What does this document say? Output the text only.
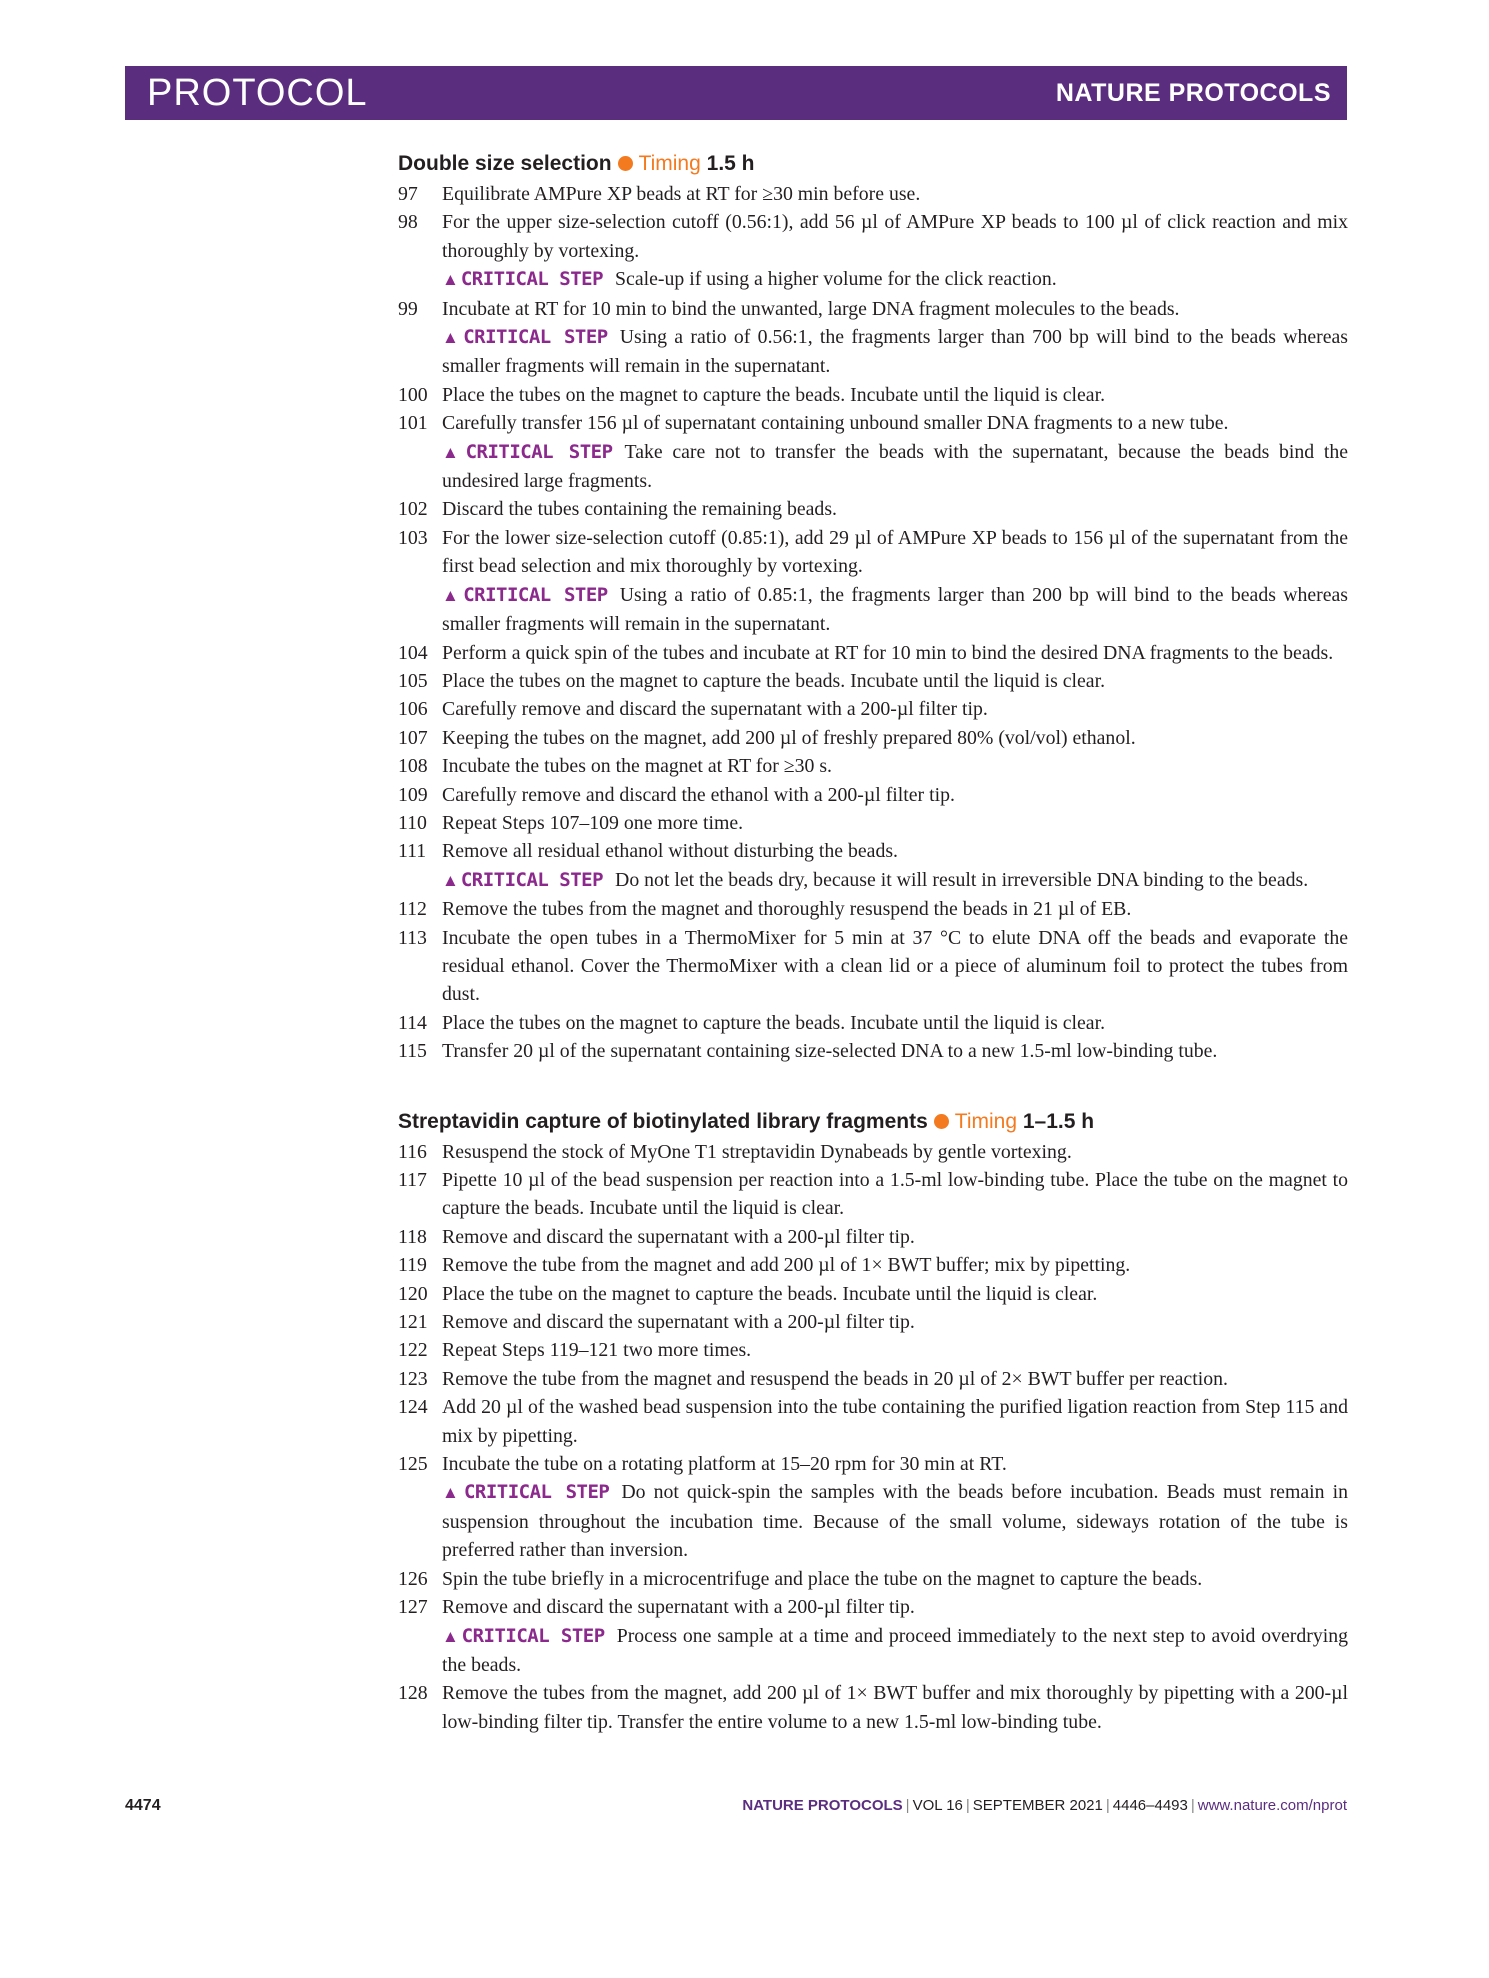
PROTOCOL	NATURE PROTOCOLS
Double size selection Timing 1.5 h
97	Equilibrate AMPure XP beads at RT for ≥30 min before use.
98	For the upper size-selection cutoff (0.56:1), add 56 µl of AMPure XP beads to 100 µl of click reaction and mix thoroughly by vortexing.
▲ CRITICAL STEP Scale-up if using a higher volume for the click reaction.
99	Incubate at RT for 10 min to bind the unwanted, large DNA fragment molecules to the beads.
▲ CRITICAL STEP Using a ratio of 0.56:1, the fragments larger than 700 bp will bind to the beads whereas smaller fragments will remain in the supernatant.
100 Place the tubes on the magnet to capture the beads. Incubate until the liquid is clear.
101 Carefully transfer 156 µl of supernatant containing unbound smaller DNA fragments to a new tube.
▲ CRITICAL STEP Take care not to transfer the beads with the supernatant, because the beads bind the undesired large fragments.
102 Discard the tubes containing the remaining beads.
103 For the lower size-selection cutoff (0.85:1), add 29 µl of AMPure XP beads to 156 µl of the supernatant from the first bead selection and mix thoroughly by vortexing.
▲ CRITICAL STEP Using a ratio of 0.85:1, the fragments larger than 200 bp will bind to the beads whereas smaller fragments will remain in the supernatant.
104 Perform a quick spin of the tubes and incubate at RT for 10 min to bind the desired DNA fragments to the beads.
105 Place the tubes on the magnet to capture the beads. Incubate until the liquid is clear.
106 Carefully remove and discard the supernatant with a 200-µl filter tip.
107 Keeping the tubes on the magnet, add 200 µl of freshly prepared 80% (vol/vol) ethanol.
108 Incubate the tubes on the magnet at RT for ≥30 s.
109 Carefully remove and discard the ethanol with a 200-µl filter tip.
110 Repeat Steps 107–109 one more time.
111 Remove all residual ethanol without disturbing the beads.
▲ CRITICAL STEP Do not let the beads dry, because it will result in irreversible DNA binding to the beads.
112 Remove the tubes from the magnet and thoroughly resuspend the beads in 21 µl of EB.
113 Incubate the open tubes in a ThermoMixer for 5 min at 37 °C to elute DNA off the beads and evaporate the residual ethanol. Cover the ThermoMixer with a clean lid or a piece of aluminum foil to protect the tubes from dust.
114 Place the tubes on the magnet to capture the beads. Incubate until the liquid is clear.
115 Transfer 20 µl of the supernatant containing size-selected DNA to a new 1.5-ml low-binding tube.
Streptavidin capture of biotinylated library fragments Timing 1–1.5 h
116 Resuspend the stock of MyOne T1 streptavidin Dynabeads by gentle vortexing.
117 Pipette 10 µl of the bead suspension per reaction into a 1.5-ml low-binding tube. Place the tube on the magnet to capture the beads. Incubate until the liquid is clear.
118 Remove and discard the supernatant with a 200-µl filter tip.
119 Remove the tube from the magnet and add 200 µl of 1× BWT buffer; mix by pipetting.
120 Place the tube on the magnet to capture the beads. Incubate until the liquid is clear.
121 Remove and discard the supernatant with a 200-µl filter tip.
122 Repeat Steps 119–121 two more times.
123 Remove the tube from the magnet and resuspend the beads in 20 µl of 2× BWT buffer per reaction.
124 Add 20 µl of the washed bead suspension into the tube containing the purified ligation reaction from Step 115 and mix by pipetting.
125 Incubate the tube on a rotating platform at 15–20 rpm for 30 min at RT.
▲ CRITICAL STEP Do not quick-spin the samples with the beads before incubation. Beads must remain in suspension throughout the incubation time. Because of the small volume, sideways rotation of the tube is preferred rather than inversion.
126 Spin the tube briefly in a microcentrifuge and place the tube on the magnet to capture the beads.
127 Remove and discard the supernatant with a 200-µl filter tip.
▲ CRITICAL STEP Process one sample at a time and proceed immediately to the next step to avoid overdrying the beads.
128 Remove the tubes from the magnet, add 200 µl of 1× BWT buffer and mix thoroughly by pipetting with a 200-µl low-binding filter tip. Transfer the entire volume to a new 1.5-ml low-binding tube.
4474	NATURE PROTOCOLS | VOL 16 | SEPTEMBER 2021 | 4446–4493 | www.nature.com/nprot
